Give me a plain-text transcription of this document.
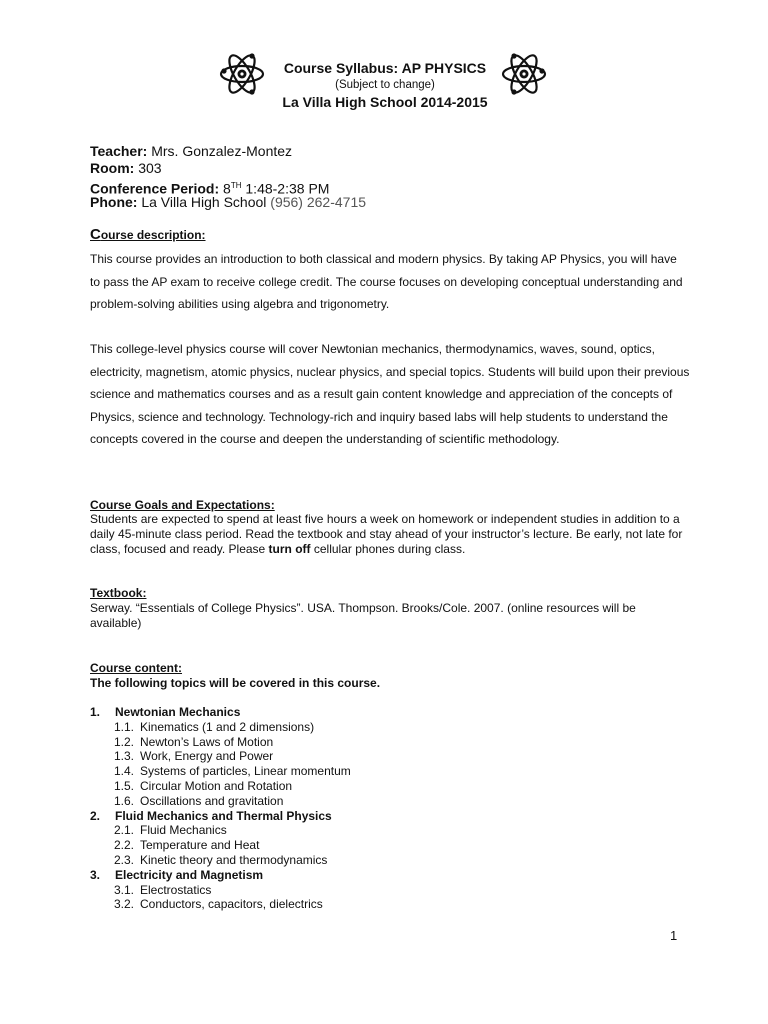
Course Syllabus: AP PHYSICS
(Subject to change)
La Villa High School 2014-2015
Teacher: Mrs. Gonzalez-Montez
Room: 303
Conference Period: 8TH 1:48-2:38 PM
Phone: La Villa High School (956) 262-4715
Course description:
This course provides an introduction to both classical and modern physics. By taking AP Physics, you will have to pass the AP exam to receive college credit. The course focuses on developing conceptual understanding and problem-solving abilities using algebra and trigonometry.
This college-level physics course will cover Newtonian mechanics, thermodynamics, waves, sound, optics, electricity, magnetism, atomic physics, nuclear physics, and special topics. Students will build upon their previous science and mathematics courses and as a result gain content knowledge and appreciation of the concepts of Physics, science and technology. Technology-rich and inquiry based labs will help students to understand the concepts covered in the course and deepen the understanding of scientific methodology.
Course Goals and Expectations:
Students are expected to spend at least five hours a week on homework or independent studies in addition to a daily 45-minute class period. Read the textbook and stay ahead of your instructor’s lecture. Be early, not late for class, focused and ready. Please turn off cellular phones during class.
Textbook:
Serway. “Essentials of College Physics”. USA. Thompson. Brooks/Cole. 2007. (online resources will be available)
Course content:
The following topics will be covered in this course.
1. Newtonian Mechanics
1.1. Kinematics (1 and 2 dimensions)
1.2. Newton’s Laws of Motion
1.3. Work, Energy and Power
1.4. Systems of particles, Linear momentum
1.5. Circular Motion and Rotation
1.6. Oscillations and gravitation
2. Fluid Mechanics and Thermal Physics
2.1. Fluid Mechanics
2.2. Temperature and Heat
2.3. Kinetic theory and thermodynamics
3. Electricity and Magnetism
3.1. Electrostatics
3.2. Conductors, capacitors, dielectrics
1
